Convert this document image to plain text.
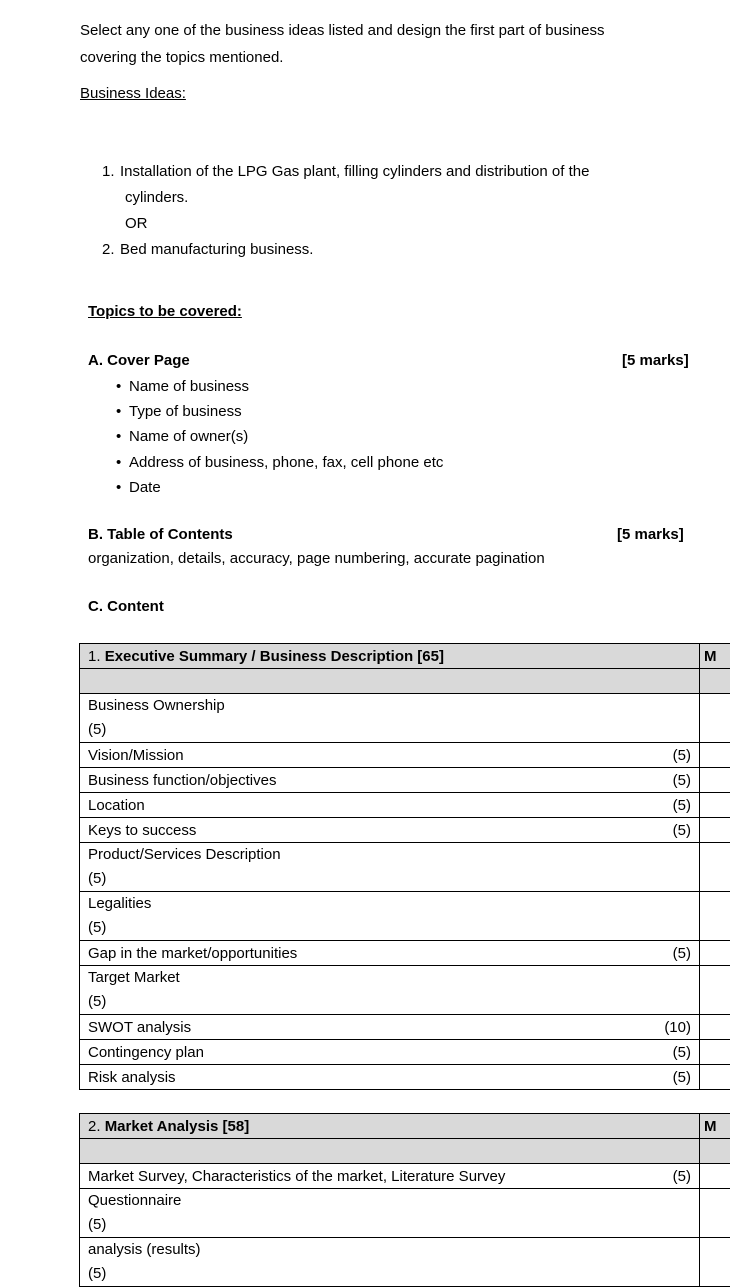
Select any one of the business ideas listed and design the first part of business covering the topics mentioned.
Business Ideas:
1. Installation of the LPG Gas plant, filling cylinders and distribution of the
cylinders.
OR
2. Bed manufacturing business.
Topics to be covered:
A. Cover Page	[5 marks]
• Name of business
• Type of business
• Name of owner(s)
• Address of business, phone, fax, cell phone etc
• Date
B. Table of Contents	[5 marks]
organization, details, accuracy, page numbering, accurate pagination
C. Content
1. Executive Summary / Business Description [65]	M

Business Ownership
(5)	
Vision/Mission (5)	

Business function/objectives (5)	

Location (5)	

Keys to success (5)	

Product/Services Description
(5)	
Legalities
(5)	
Gap in the market/opportunities (5)	

Target Market
(5)	
SWOT analysis (10)	

Contingency plan (5)	

Risk analysis (5)	

2. Market Analysis [58]	M

Market Survey, Characteristics of the market, Literature Survey (5)	

Questionnaire
(5)	
analysis (results)
(5)	
